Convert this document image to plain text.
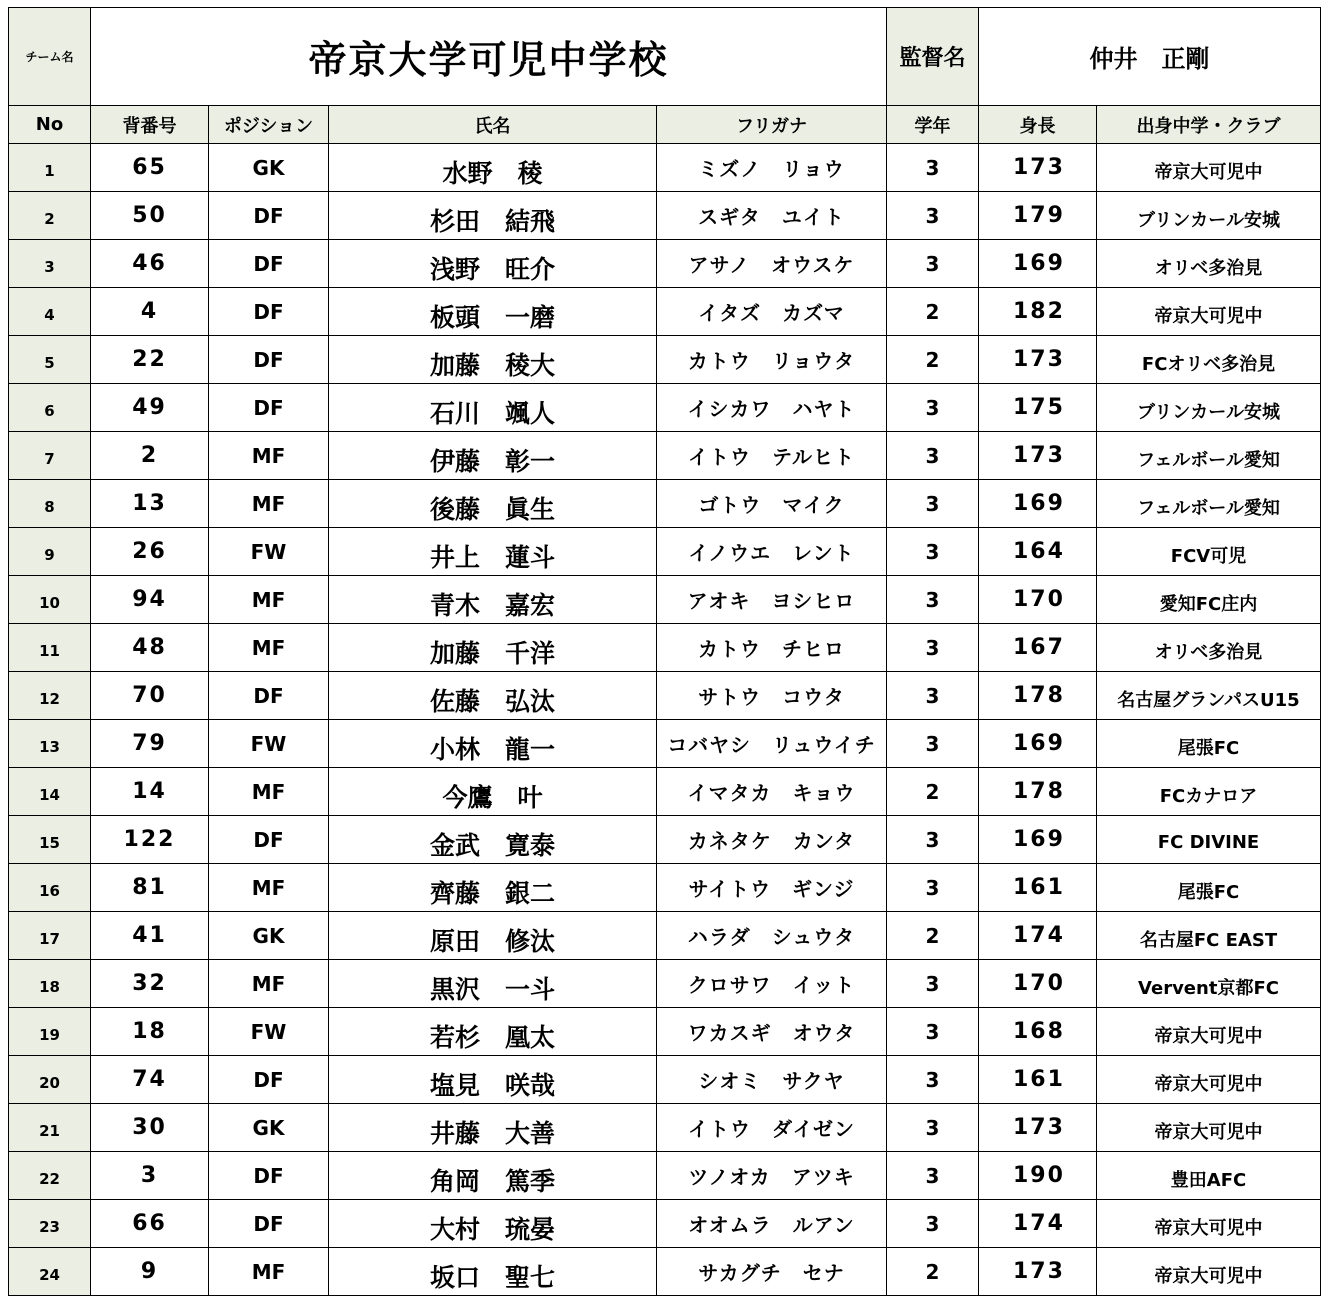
チーム名	帝京大学可児中学校				監督名	仲井　正剛	
No	背番号	ポジション	氏名	フリガナ	学年	身長	出身中学・クラブ
1	65	GK	水野　稜	ミズノ　リョウ	3	173	帝京大可児中
2	50	DF	杉田　結飛	スギタ　ユイト	3	179	ブリンカール安城
3	46	DF	浅野　旺介	アサノ　オウスケ	3	169	オリベ多治見
4	4	DF	板頭　一磨	イタズ　カズマ	2	182	帝京大可児中
5	22	DF	加藤　稜大	カトウ　リョウタ	2	173	FCオリベ多治見
6	49	DF	石川　颯人	イシカワ　ハヤト	3	175	ブリンカール安城
7	2	MF	伊藤　彰一	イトウ　テルヒト	3	173	フェルボール愛知
8	13	MF	後藤　眞生	ゴトウ　マイク	3	169	フェルボール愛知
9	26	FW	井上　蓮斗	イノウエ　レント	3	164	FCV可児
10	94	MF	青木　嘉宏	アオキ　ヨシヒロ	3	170	愛知FC庄内
11	48	MF	加藤　千洋	カトウ　チヒロ	3	167	オリベ多治見
12	70	DF	佐藤　弘汰	サトウ　コウタ	3	178	名古屋グランパスU15
13	79	FW	小林　龍一	コバヤシ　リュウイチ	3	169	尾張FC
14	14	MF	今鷹　叶	イマタカ　キョウ	2	178	FCカナロア
15	122	DF	金武　寛泰	カネタケ　カンタ	3	169	FC DIVINE
16	81	MF	齊藤　銀二	サイトウ　ギンジ	3	161	尾張FC
17	41	GK	原田　修汰	ハラダ　シュウタ	2	174	名古屋FC EAST
18	32	MF	黒沢　一斗	クロサワ　イット	3	170	Vervent京都FC
19	18	FW	若杉　凰太	ワカスギ　オウタ	3	168	帝京大可児中
20	74	DF	塩見　咲哉	シオミ　サクヤ	3	161	帝京大可児中
21	30	GK	井藤　大善	イトウ　ダイゼン	3	173	帝京大可児中
22	3	DF	角岡　篤季	ツノオカ　アツキ	3	190	豊田AFC
23	66	DF	大村　琉晏	オオムラ　ルアン	3	174	帝京大可児中
24	9	MF	坂口　聖七	サカグチ　セナ	2	173	帝京大可児中
